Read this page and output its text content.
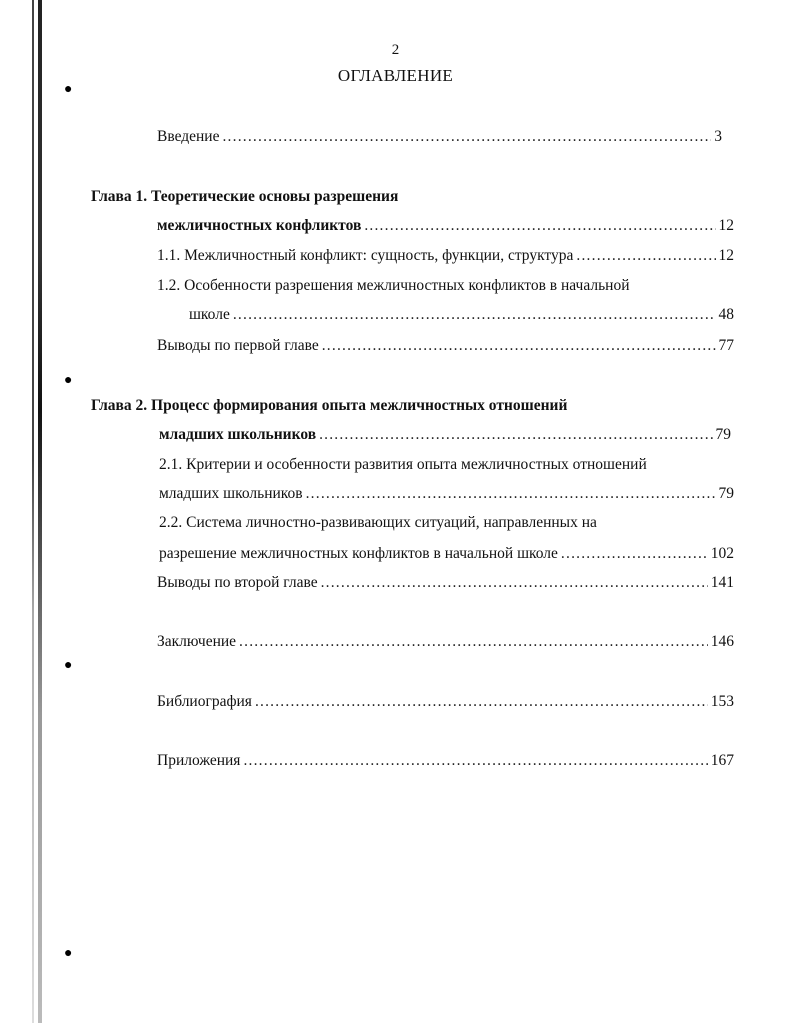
●
●
●
●
2
ОГЛАВЛЕНИЕ
Введение .....	3
Глава 1. Теоретические основы разрешения
межличностных конфликтов .....	12
1.1. Межличностный конфликт: сущность, функции, структура .....	12
1.2. Особенности разрешения межличностных конфликтов в начальной
школе .....	48
Выводы по первой главе .....	77
Глава 2. Процесс формирования опыта межличностных отношений
младших школьников .....	79
2.1. Критерии и особенности развития опыта межличностных отношений
младших школьников .....	79
2.2. Система личностно-развивающих ситуаций, направленных на
разрешение межличностных конфликтов в начальной школе .....	102
Выводы по второй главе .....	141
Заключение .....	146
Библиография .....	153
Приложения .....	167
